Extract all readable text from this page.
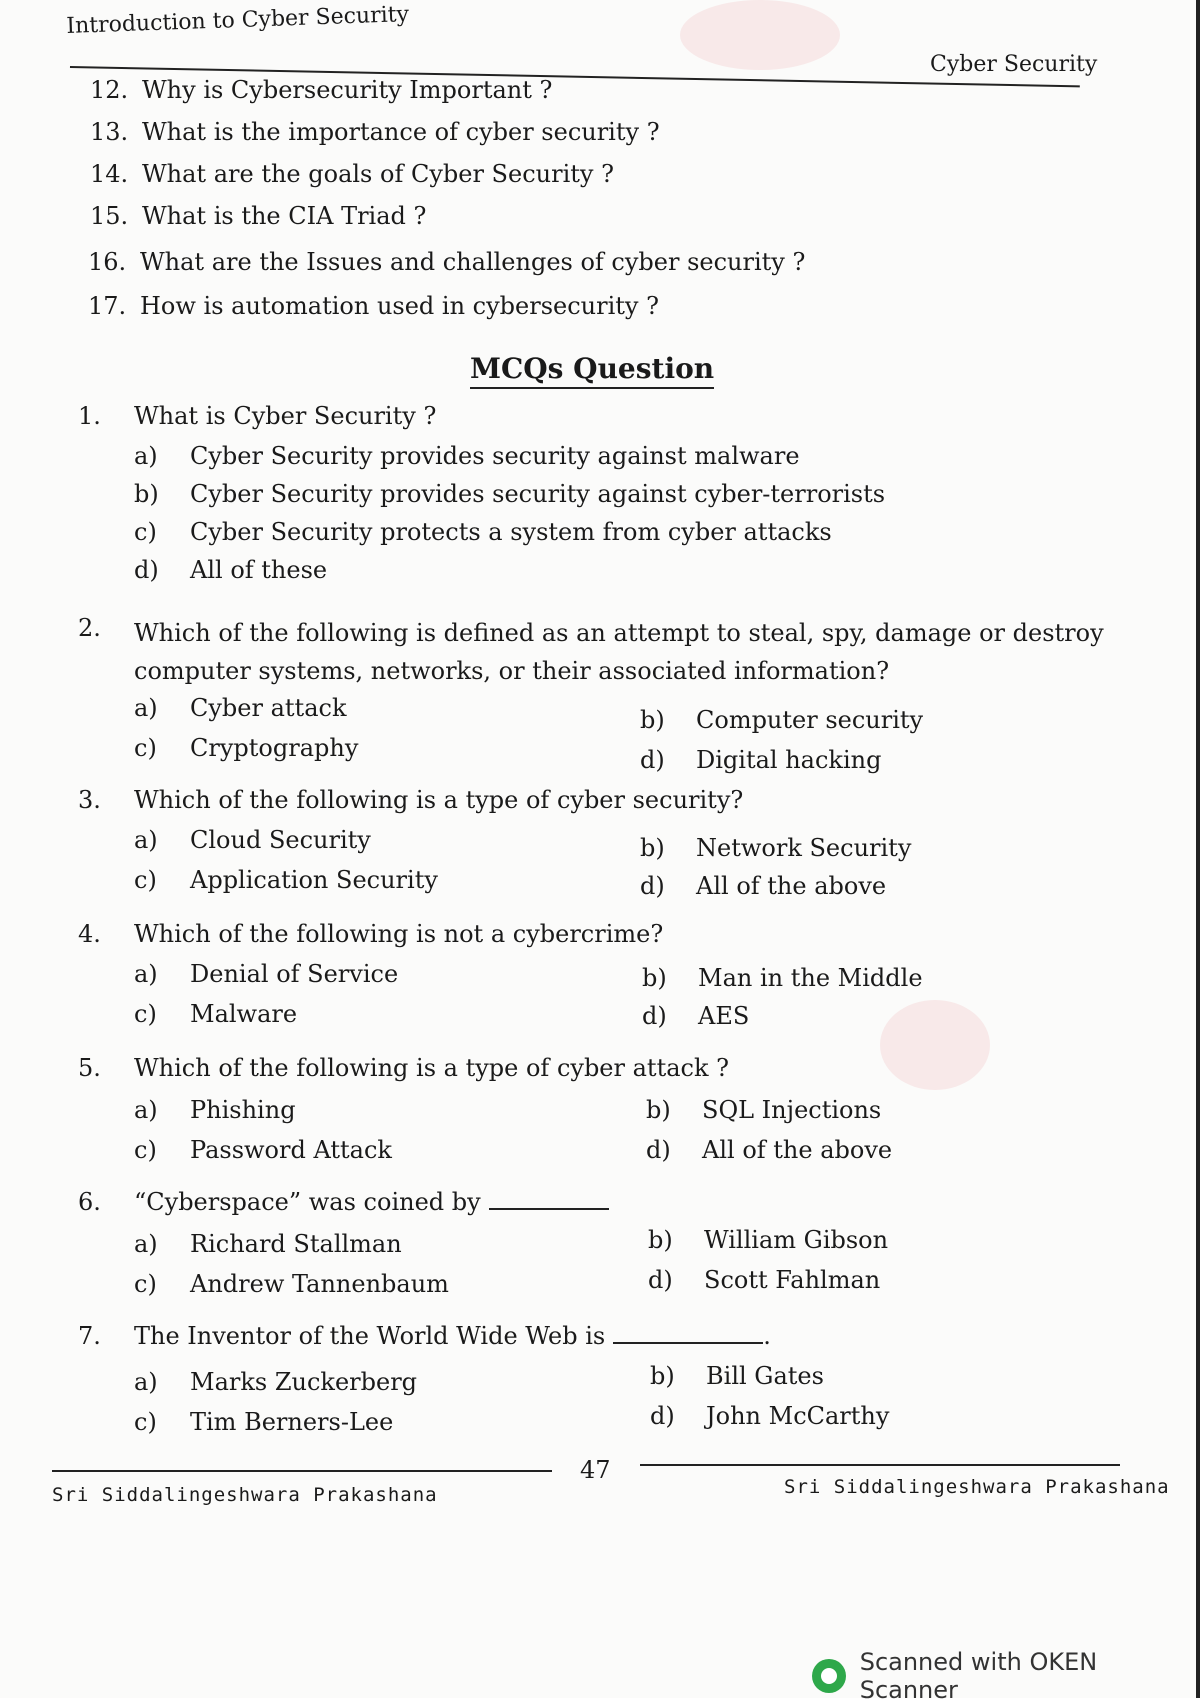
Introduction to Cyber Security
Cyber Security
12. Why is Cybersecurity Important ?
13. What is the importance of cyber security ?
14. What are the goals of Cyber Security ?
15. What is the CIA Triad ?
16. What are the Issues and challenges of cyber security ?
17. How is automation used in cybersecurity ?
MCQs Question
1. What is Cyber Security ?
a) Cyber Security provides security against malware
b) Cyber Security provides security against cyber-terrorists
c) Cyber Security protects a system from cyber attacks
d) All of these
2. Which of the following is defined as an attempt to steal, spy, damage or destroy computer systems, networks, or their associated information?
a) Cyber attack	b) Computer security
c) Cryptography	d) Digital hacking
3. Which of the following is a type of cyber security?
a) Cloud Security	b) Network Security
c) Application Security	d) All of the above
4. Which of the following is not a cybercrime?
a) Denial of Service	b) Man in the Middle
c) Malware	d) AES
5. Which of the following is a type of cyber attack ?
a) Phishing	b) SQL Injections
c) Password Attack	d) All of the above
6. “Cyberspace” was coined by
a) Richard Stallman	b) William Gibson
c) Andrew Tannenbaum	d) Scott Fahlman
7. The Inventor of the World Wide Web is	.
a) Marks Zuckerberg	b) Bill Gates
c) Tim Berners-Lee	d) John McCarthy
47
Sri Siddalingeshwara Prakashana	Sri Siddalingeshwara Prakashana
Scanned with OKEN Scanner
